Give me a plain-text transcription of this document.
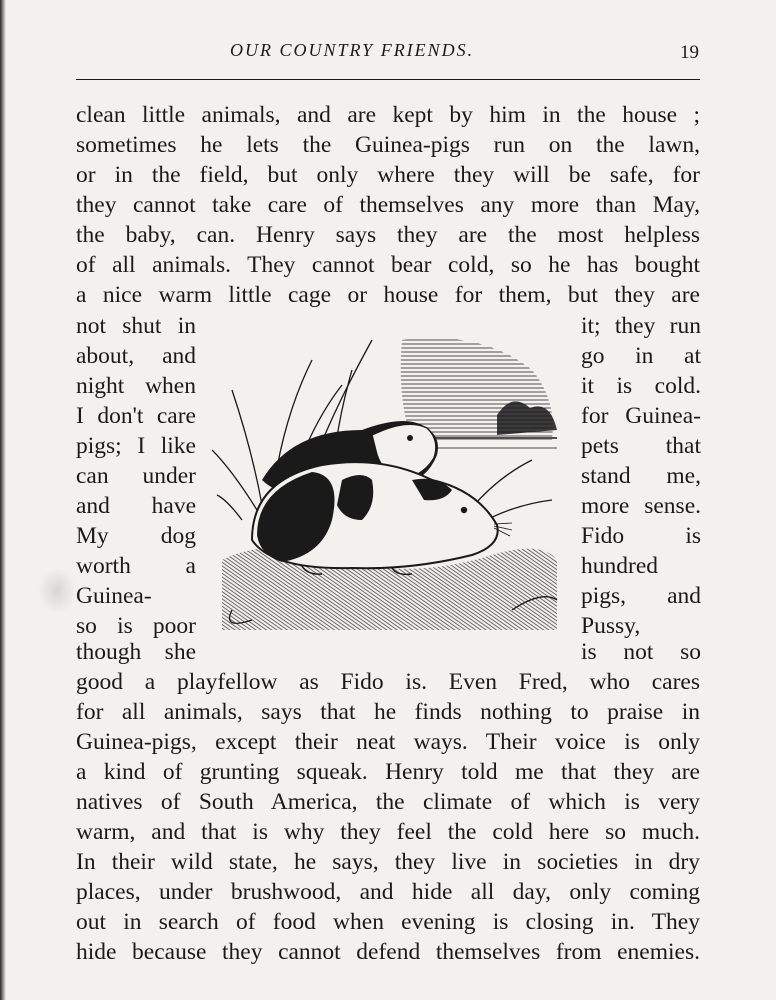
OUR COUNTRY FRIENDS.	19
clean little animals, and are kept by him in the house ;
sometimes he lets the Guinea-pigs run on the lawn,
or in the field, but only where they will be safe, for
they cannot take care of themselves any more than May,
the baby, can. Henry says they are the most helpless
of all animals. They cannot bear cold, so he has bought
a nice warm little cage or house for them, but they are
not shut in
about, and
night when
I don't care
pigs; I like
can under
and have
My dog
worth a
Guinea-
so is poor
though she
it; they run
go in at
it is cold.
for Guinea-
pets that
stand me,
more sense.
Fido is
hundred
pigs, and
Pussy,
is not so
good a playfellow as Fido is. Even Fred, who cares
for all animals, says that he finds nothing to praise in
Guinea-pigs, except their neat ways. Their voice is only
a kind of grunting squeak. Henry told me that they are
natives of South America, the climate of which is very
warm, and that is why they feel the cold here so much.
In their wild state, he says, they live in societies in dry
places, under brushwood, and hide all day, only coming
out in search of food when evening is closing in. They
hide because they cannot defend themselves from enemies.
